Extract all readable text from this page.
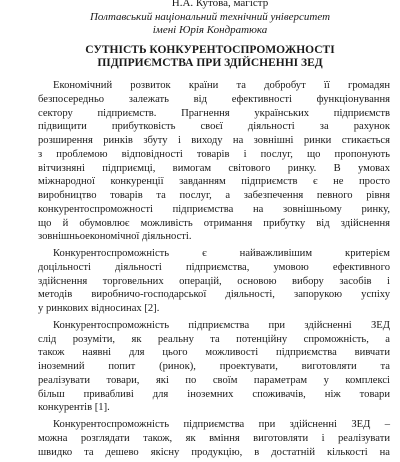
Н.А. Кутова, магістр
Полтавський національний технічний університет
імені Юрія Кондратюка
СУТНІСТЬ КОНКУРЕНТОСПРОМОЖНОСТІ
ПІДПРИЄМСТВА ПРИ ЗДІЙСНЕННІ ЗЕД
Економічний розвиток країни та добробут її громадян
безпосередньо залежать від ефективності функціонування
сектору підприємств. Прагнення українських підприємств
підвищити прибутковість своєї діяльності за рахунок
розширення ринків збуту і виходу на зовнішні ринки стикається
з проблемою відповідності товарів і послуг, що пропонують
вітчизняні підприємці, вимогам світового ринку. В умовах
міжнародної конкуренції завданням підприємств є не просто
виробництво товарів та послуг, а забезпечення певного рівня
конкурентоспроможності підприємства на зовнішньому ринку,
що й обумовлює можливість отримання прибутку від здійснення
зовнішньоекономічної діяльності.
Конкурентоспроможність є найважливішим критерієм
доцільності діяльності підприємства, умовою ефективного
здійснення торговельних операцій, основою вибору засобів і
методів виробничо-господарської діяльності, запорукою успіху
у ринкових відносинах [2].
Конкурентоспроможність підприємства при здійсненні ЗЕД
слід розуміти, як реальну та потенційну спроможність, а
також наявні для цього можливості підприємства вивчати
іноземний попит (ринок), проектувати, виготовляти та
реалізувати товари, які по своїм параметрам у комплексі
більш привабливі для іноземних споживачів, ніж товари
конкурентів [1].
Конкурентоспроможність підприємства при здійсненні ЗЕД –
можна розглядати також, як вміння виготовляти і реалізувати
швидко та дешево якісну продукцію, в достатній кількості на
